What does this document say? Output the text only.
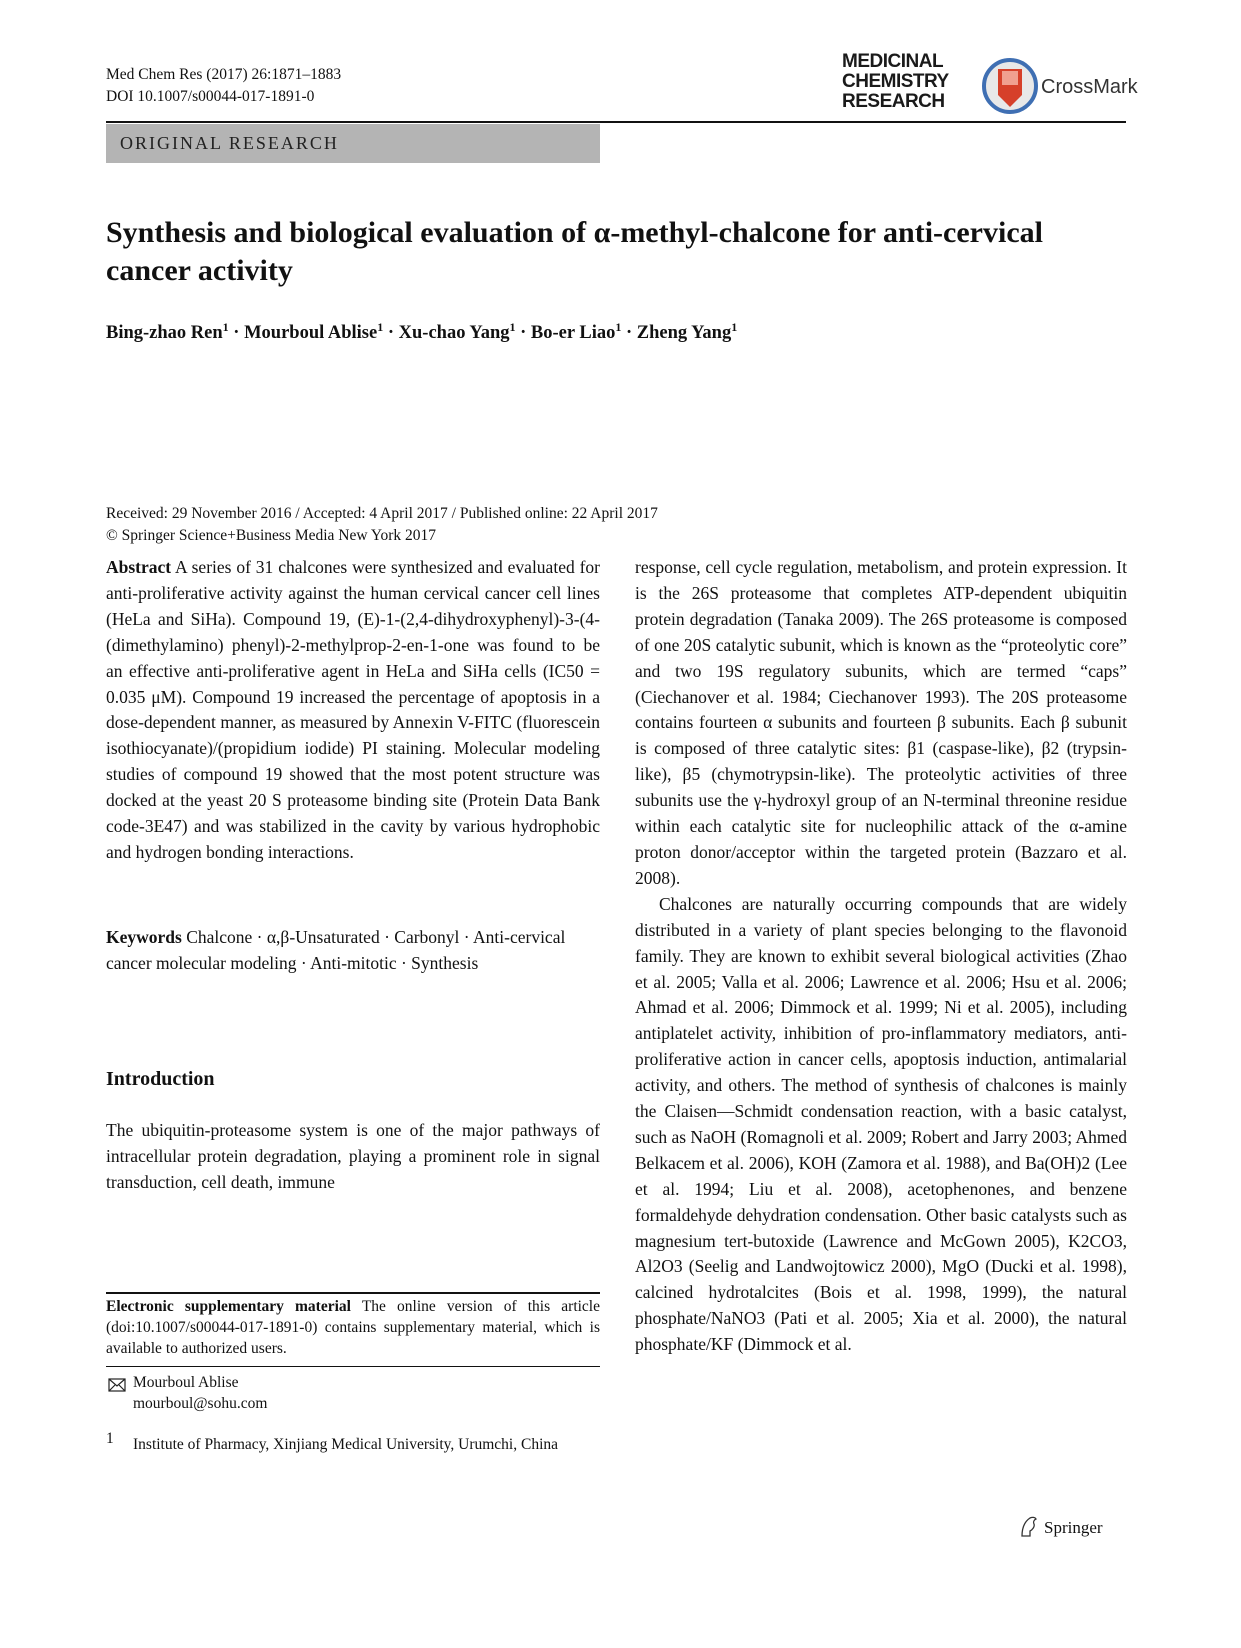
Med Chem Res (2017) 26:1871–1883
DOI 10.1007/s00044-017-1891-0
MEDICINAL
CHEMISTRY
RESEARCH
CrossMark
ORIGINAL RESEARCH
Synthesis and biological evaluation of α-methyl-chalcone for anti-cervical cancer activity
Bing-zhao Ren$^1$ · Mourboul Ablise$^1$ · Xu-chao Yang$^1$ · Bo-er Liao$^1$ · Zheng Yang$^1$
Received: 29 November 2016 / Accepted: 4 April 2017 / Published online: 22 April 2017
© Springer Science+Business Media New York 2017

Abstract A series of 31 chalcones were synthesized and evaluated for anti-proliferative activity against the human cervical cancer cell lines (HeLa and SiHa). Compound 19, (E)-1-(2,4-dihydroxyphenyl)-3-(4-(dimethylamino) phenyl)-2-methylprop-2-en-1-one was found to be an effective anti-proliferative agent in HeLa and SiHa cells (IC50 = 0.035 μM). Compound 19 increased the percentage of apoptosis in a dose-dependent manner, as measured by Annexin V-FITC (fluorescein isothiocyanate)/(propidium iodide) PI staining. Molecular modeling studies of compound 19 showed that the most potent structure was docked at the yeast 20 S proteasome binding site (Protein Data Bank code-3E47) and was stabilized in the cavity by various hydrophobic and hydrogen bonding interactions.

Keywords Chalcone · α,β-Unsaturated · Carbonyl · Anti-cervical cancer molecular modeling · Anti-mitotic · Synthesis

Introduction

The ubiquitin-proteasome system is one of the major pathways of intracellular protein degradation, playing a prominent role in signal transduction, cell death, immune

Electronic supplementary material The online version of this article (doi:10.1007/s00044-017-1891-0) contains supplementary material, which is available to authorized users.
Mourboul Ablise
mourboul@sohu.com
1 Institute of Pharmacy, Xinjiang Medical University, Urumchi, China

response, cell cycle regulation, metabolism, and protein expression. It is the 26S proteasome that completes ATP-dependent ubiquitin protein degradation (Tanaka 2009). The 26S proteasome is composed of one 20S catalytic subunit, which is known as the “proteolytic core” and two 19S regulatory subunits, which are termed “caps” (Ciechanover et al. 1984; Ciechanover 1993). The 20S proteasome contains fourteen α subunits and fourteen β subunits. Each β subunit is composed of three catalytic sites: β1 (caspase-like), β2 (trypsin-like), β5 (chymotrypsin-like). The proteolytic activities of three subunits use the γ-hydroxyl group of an N-terminal threonine residue within each catalytic site for nucleophilic attack of the α-amine proton donor/acceptor within the targeted protein (Bazzaro et al. 2008).

Chalcones are naturally occurring compounds that are widely distributed in a variety of plant species belonging to the flavonoid family. They are known to exhibit several biological activities (Zhao et al. 2005; Valla et al. 2006; Lawrence et al. 2006; Hsu et al. 2006; Ahmad et al. 2006; Dimmock et al. 1999; Ni et al. 2005), including antiplatelet activity, inhibition of pro-inflammatory mediators, anti-proliferative action in cancer cells, apoptosis induction, antimalarial activity, and others. The method of synthesis of chalcones is mainly the Claisen—Schmidt condensation reaction, with a basic catalyst, such as NaOH (Romagnoli et al. 2009; Robert and Jarry 2003; Ahmed Belkacem et al. 2006), KOH (Zamora et al. 1988), and Ba(OH)2 (Lee et al. 1994; Liu et al. 2008), acetophenones, and benzene formaldehyde dehydration condensation. Other basic catalysts such as magnesium tert-butoxide (Lawrence and McGown 2005), K2CO3, Al2O3 (Seelig and Landwojtowicz 2000), MgO (Ducki et al. 1998), calcined hydrotalcites (Bois et al. 1998, 1999), the natural phosphate/NaNO3 (Pati et al. 2005; Xia et al. 2000), the natural phosphate/KF (Dimmock et al.

Springer
